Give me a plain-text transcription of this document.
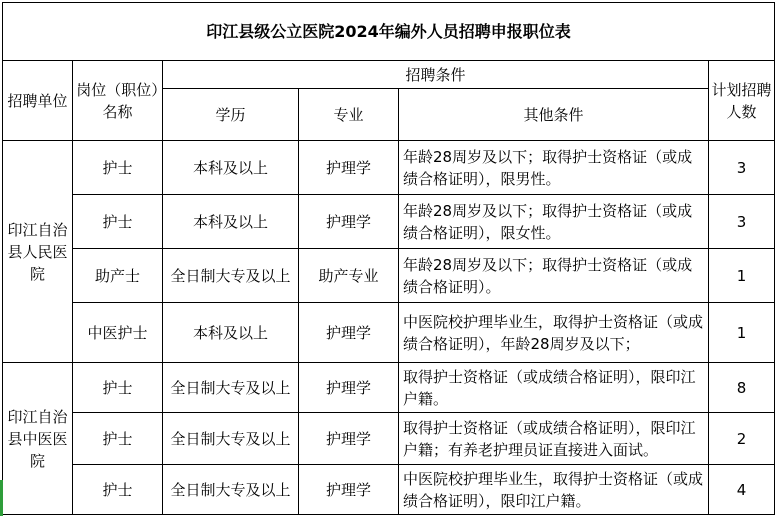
印江县级公立医院2024年编外人员招聘申报职位表					
招聘单位	岗位（职位）名称	招聘条件			计划招聘人数
		学历	专业	其他条件	
印江自治县人民医院	护士	本科及以上	护理学	年龄28周岁及以下；取得护士资格证（或成绩合格证明），限男性。	3
	护士	本科及以上	护理学	年龄28周岁及以下；取得护士资格证（或成绩合格证明），限女性。	3
	助产士	全日制大专及以上	助产专业	年龄28周岁及以下；取得护士资格证（或成绩合格证明）。	1
	中医护士	本科及以上	护理学	中医院校护理毕业生，取得护士资格证（或成绩合格证明），年龄28周岁及以下；	1
印江自治县中医医院	护士	全日制大专及以上	护理学	取得护士资格证（或成绩合格证明），限印江户籍。	8
	护士	全日制大专及以上	护理学	取得护士资格证（或成绩合格证明），限印江户籍；有养老护理员证直接进入面试。	2
	护士	全日制大专及以上	护理学	中医院校护理毕业生，取得护士资格证（或成绩合格证明），限印江户籍。	4
